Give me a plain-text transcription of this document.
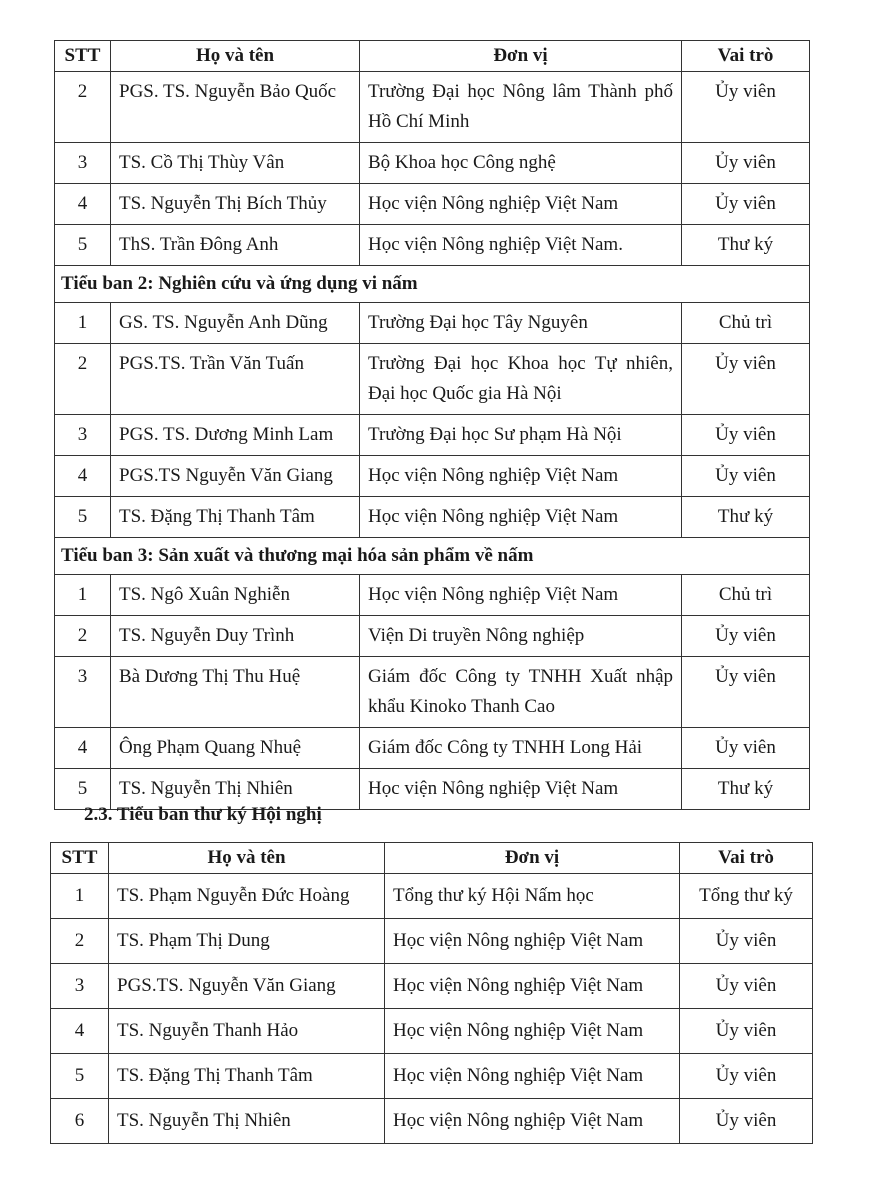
STT	Họ và tên	Đơn vị	Vai trò
2	PGS. TS. Nguyễn Bảo Quốc	Trường Đại học Nông lâm Thành phố Hồ Chí Minh	Ủy viên
3	TS. Cồ Thị Thùy Vân	Bộ Khoa học Công nghệ	Ủy viên
4	TS. Nguyễn Thị Bích Thủy	Học viện Nông nghiệp Việt Nam	Ủy viên
5	ThS. Trần Đông Anh	Học viện Nông nghiệp Việt Nam.	Thư ký
Tiểu ban 2: Nghiên cứu và ứng dụng vi nấm			
1	GS. TS. Nguyễn Anh Dũng	Trường Đại học Tây Nguyên	Chủ trì
2	PGS.TS. Trần Văn Tuấn	Trường Đại học Khoa học Tự nhiên, Đại học Quốc gia Hà Nội	Ủy viên
3	PGS. TS. Dương Minh Lam	Trường Đại học Sư phạm Hà Nội	Ủy viên
4	PGS.TS Nguyễn Văn Giang	Học viện Nông nghiệp Việt Nam	Ủy viên
5	TS. Đặng Thị Thanh Tâm	Học viện Nông nghiệp Việt Nam	Thư ký
Tiểu ban 3: Sản xuất và thương mại hóa sản phẩm về nấm			
1	TS. Ngô Xuân Nghiễn	Học viện Nông nghiệp Việt Nam	Chủ trì
2	TS. Nguyễn Duy Trình	Viện Di truyền Nông nghiệp	Ủy viên
3	Bà Dương Thị Thu Huệ	Giám đốc Công ty TNHH Xuất nhập khẩu Kinoko Thanh Cao	Ủy viên
4	Ông Phạm Quang Nhuệ	Giám đốc Công ty TNHH Long Hải	Ủy viên
5	TS. Nguyễn Thị Nhiên	Học viện Nông nghiệp Việt Nam	Thư ký
2.3. Tiểu ban thư ký Hội nghị
STT	Họ và tên	Đơn vị	Vai trò
1	TS. Phạm Nguyễn Đức Hoàng	Tổng thư ký Hội Nấm học	Tổng thư ký
2	TS. Phạm Thị Dung	Học viện Nông nghiệp Việt Nam	Ủy viên
3	PGS.TS. Nguyễn Văn Giang	Học viện Nông nghiệp Việt Nam	Ủy viên
4	TS. Nguyễn Thanh Hảo	Học viện Nông nghiệp Việt Nam	Ủy viên
5	TS. Đặng Thị Thanh Tâm	Học viện Nông nghiệp Việt Nam	Ủy viên
6	TS. Nguyễn Thị Nhiên	Học viện Nông nghiệp Việt Nam	Ủy viên
